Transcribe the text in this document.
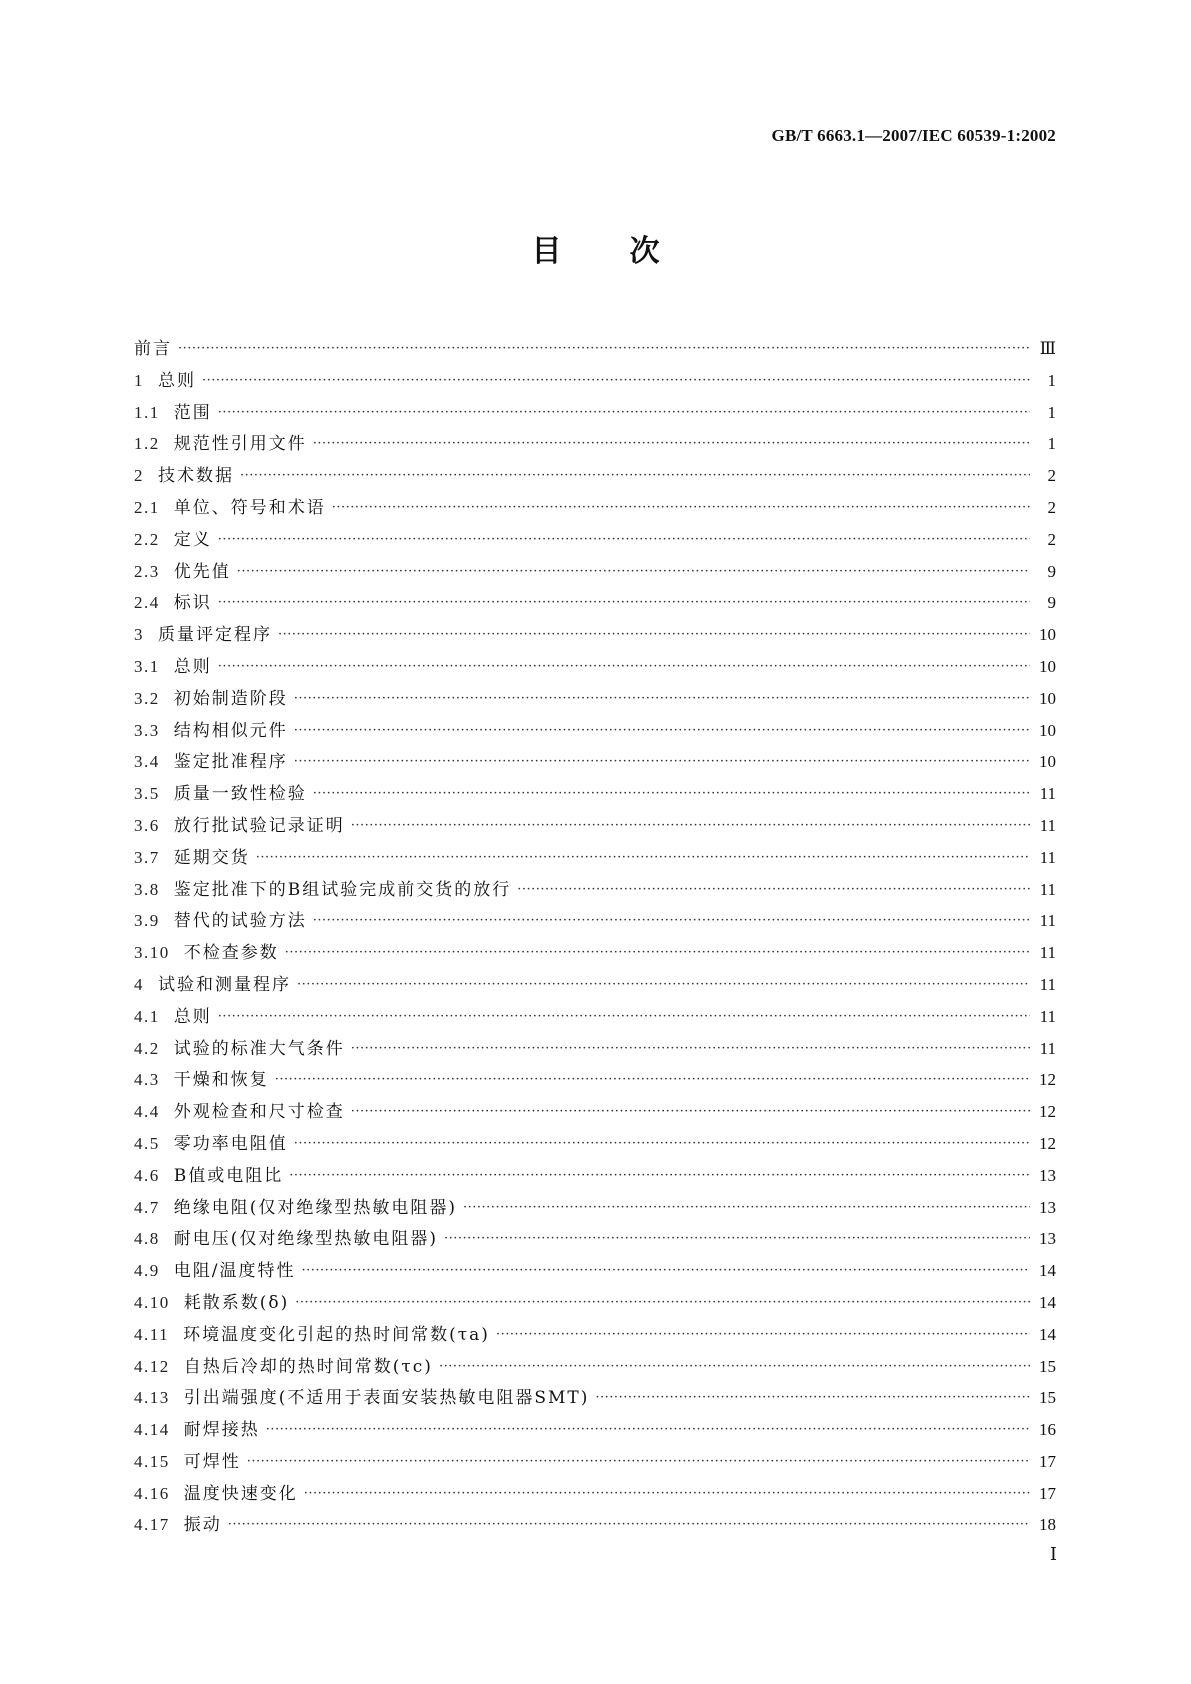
GB/T 6663.1—2007/IEC 60539-1:2002
目 次
前言 ·····	Ⅲ
1 总则 ·····	1
1.1 范围 ·····	1
1.2 规范性引用文件 ·····	1
2 技术数据 ·····	2
2.1 单位、符号和术语 ·····	2
2.2 定义 ·····	2
2.3 优先值 ·····	9
2.4 标识 ·····	9
3 质量评定程序 ·····	10
3.1 总则 ·····	10
3.2 初始制造阶段 ·····	10
3.3 结构相似元件 ·····	10
3.4 鉴定批准程序 ·····	10
3.5 质量一致性检验 ·····	11
3.6 放行批试验记录证明 ·····	11
3.7 延期交货 ·····	11
3.8 鉴定批准下的B组试验完成前交货的放行 ·····	11
3.9 替代的试验方法 ·····	11
3.10 不检查参数 ·····	11
4 试验和测量程序 ·····	11
4.1 总则 ·····	11
4.2 试验的标准大气条件 ·····	11
4.3 干燥和恢复 ·····	12
4.4 外观检查和尺寸检查 ·····	12
4.5 零功率电阻值 ·····	12
4.6 B值或电阻比 ·····	13
4.7 绝缘电阻(仅对绝缘型热敏电阻器) ·····	13
4.8 耐电压(仅对绝缘型热敏电阻器) ·····	13
4.9 电阻/温度特性 ·····	14
4.10 耗散系数(δ) ·····	14
4.11 环境温度变化引起的热时间常数(τa) ·····	14
4.12 自热后冷却的热时间常数(τc) ·····	15
4.13 引出端强度(不适用于表面安装热敏电阻器SMT) ·····	15
4.14 耐焊接热 ·····	16
4.15 可焊性 ·····	17
4.16 温度快速变化 ·····	17
4.17 振动 ·····	18
Ⅰ
